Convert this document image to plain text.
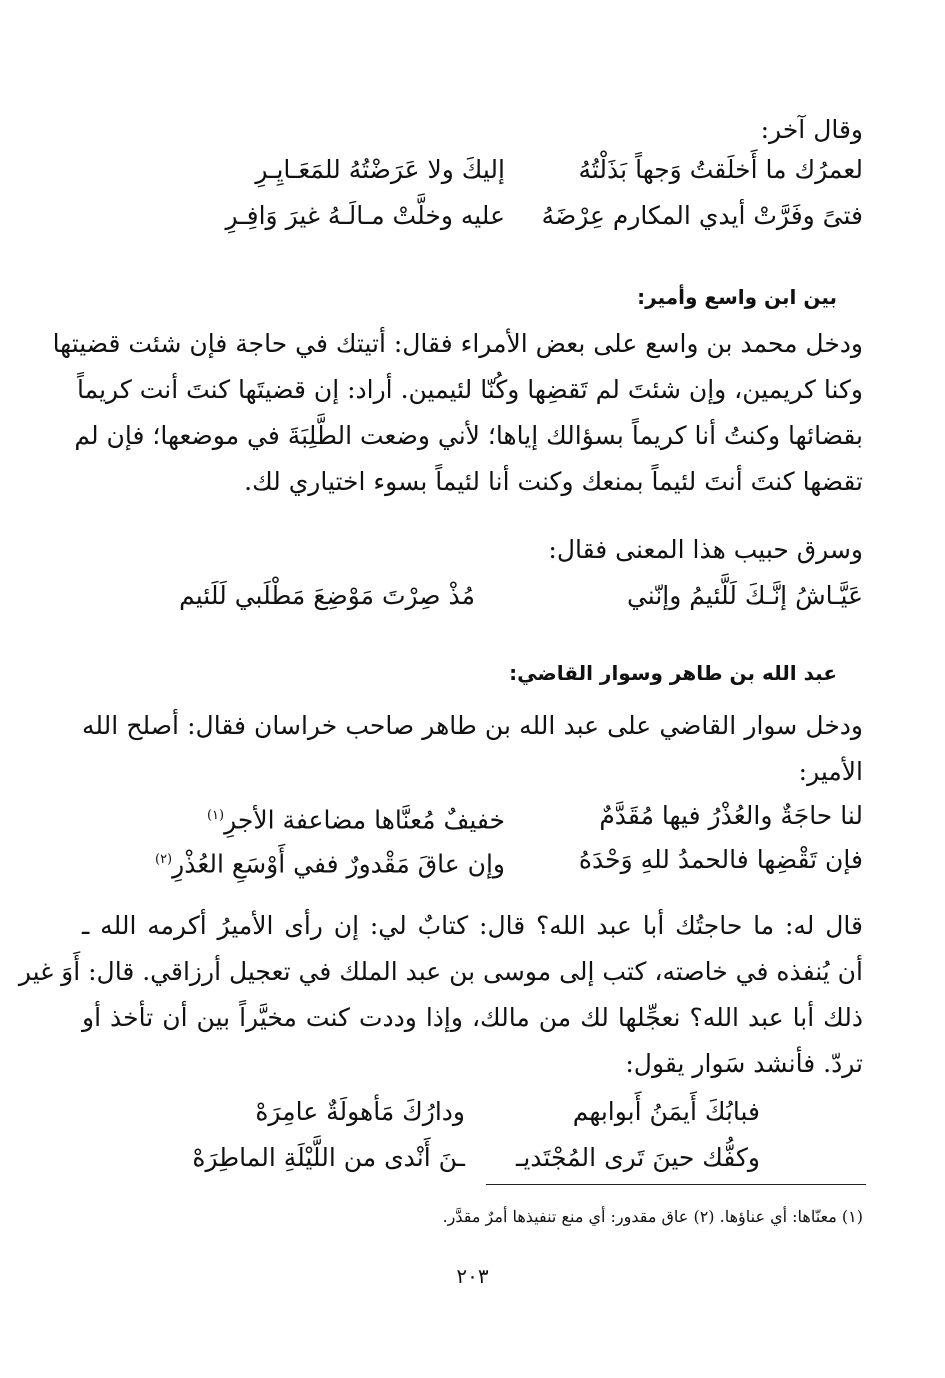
وقال آخر:
لعمرُك ما أَخلَقتُ وَجهاً بَذَلْتُهُ
إليكَ ولا عَرَضْتُهُ للمَعَـايِـرِ
فتىً وفَرَّتْ أيدي المكارم عِرْضَهُ
عليه وخلَّتْ مـالَـهُ غيرَ وَافِـرِ
بين ابن واسع وأمير:
ودخل محمد بن واسع على بعض الأمراء فقال: أتيتك في حاجة فإن شئت قضيتها
وكنا كريمين، وإن شئتَ لم تَقضِها وكُنّا لئيمين. أراد: إن قضيتَها كنتَ أنت كريماً
بقضائها وكنتُ أنا كريماً بسؤالك إياها؛ لأني وضعت الطَّلِبَةَ في موضعها؛ فإن لم
تقضها كنتَ أنتَ لئيماً بمنعك وكنت أنا لئيماً بسوء اختياري لك.
وسرق حبيب هذا المعنى فقال:
عَيَّـاشُ إنَّـكَ لَلَّئيمُ وإنّني
مُذْ صِرْتَ مَوْضِعَ مَطْلَبي لَلَئيم
عبد الله بن طاهر وسوار القاضي:
ودخل سوار القاضي على عبد الله بن طاهر صاحب خراسان فقال: أصلح الله
الأمير:
لنا حاجَةٌ والعُذْرُ فيها مُقَدَّمٌ
خفيفٌ مُعنَّاها مضاعفة الأجرِ$^{(١)}$
فإن تَقْضِها فالحمدُ للهِ وَحْدَهُ
وإن عاقَ مَقْدورٌ ففي أَوْسَعِ العُذْرِ$^{(٢)}$
قال له: ما حاجتُك أبا عبد الله؟ قال: كتابٌ لي: إن رأى الأميرُ أكرمه الله ـ
أن يُنفذه في خاصته، كتب إلى موسى بن عبد الملك في تعجيل أرزاقي. قال: أَوَ غير
ذلك أبا عبد الله؟ نعجِّلها لك من مالك، وإذا وددت كنت مخيَّراً بين أن تأخذ أو
تردّ. فأنشد سَوار يقول:
فبابُكَ أَيمَنُ أَبوابهم
ودارُكَ مَأهولَةٌ عامِرَهْ
وكفُّك حينَ تَرى المُجْتَديـ
ـنَ أَنْدى من اللَّيْلَةِ الماطِرَهْ
(١) معنّاها: أي عناؤها. (٢) عاق مقدور: أي منع تنفيذها أمرٌ مقدَّر.
٢٠٣
